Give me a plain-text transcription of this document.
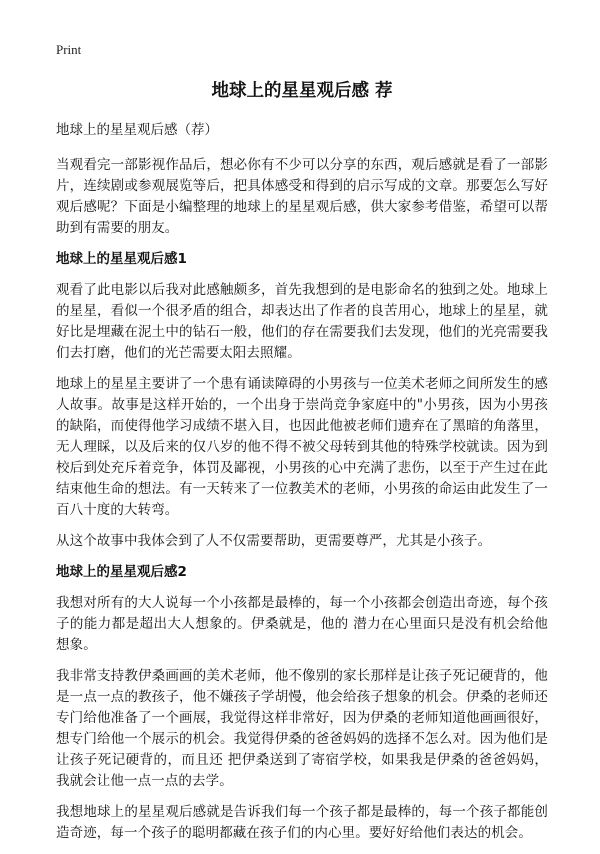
Print
地球上的星星观后感 荐

地球上的星星观后感（荐）

当观看完一部影视作品后，想必你有不少可以分享的东西，观后感就是看了一部影片，连续剧或参观展览等后，把具体感受和得到的启示写成的文章。那要怎么写好观后感呢？下面是小编整理的地球上的星星观后感，供大家参考借鉴，希望可以帮助到有需要的朋友。

地球上的星星观后感1

观看了此电影以后我对此感触颇多，首先我想到的是电影命名的独到之处。地球上的星星，看似一个很矛盾的组合，却表达出了作者的良苦用心，地球上的星星，就好比是埋藏在泥土中的钻石一般，他们的存在需要我们去发现，他们的光亮需要我们去打磨，他们的光芒需要太阳去照耀。

地球上的星星主要讲了一个患有诵读障碍的小男孩与一位美术老师之间所发生的感人故事。故事是这样开始的，一个出身于崇尚竞争家庭中的"小男孩，因为小男孩的缺陷，而使得他学习成绩不堪入目，也因此他被老师们遗弃在了黑暗的角落里，无人理睬，以及后来的仅八岁的他不得不被父母转到其他的特殊学校就读。因为到校后到处充斥着竞争，体罚及鄙视，小男孩的心中充满了悲伤，以至于产生过在此结束他生命的想法。有一天转来了一位教美术的老师，小男孩的命运由此发生了一百八十度的大转弯。

从这个故事中我体会到了人不仅需要帮助，更需要尊严，尤其是小孩子。

地球上的星星观后感2

我想对所有的大人说每一个小孩都是最棒的，每一个小孩都会创造出奇迹，每个孩子的能力都是超出大人想象的。伊桑就是，他的 潜力在心里面只是没有机会给他想象。

我非常支持教伊桑画画的美术老师，他不像别的家长那样是让孩子死记硬背的，他是一点一点的教孩子，他不嫌孩子学胡慢，他会给孩子想象的机会。伊桑的老师还专门给他准备了一个画展，我觉得这样非常好，因为伊桑的老师知道他画画很好，想专门给他一个展示的机会。我觉得伊桑的爸爸妈妈的选择不怎么对。因为他们是让孩子死记硬背的，而且还 把伊桑送到了寄宿学校，如果我是伊桑的爸爸妈妈，我就会让他一点一点的去学。

我想地球上的星星观后感就是告诉我们每一个孩子都是最棒的，每一个孩子都能创造奇迹，每一个孩子的聪明都藏在孩子们的内心里。要好好给他们表达的机会。
